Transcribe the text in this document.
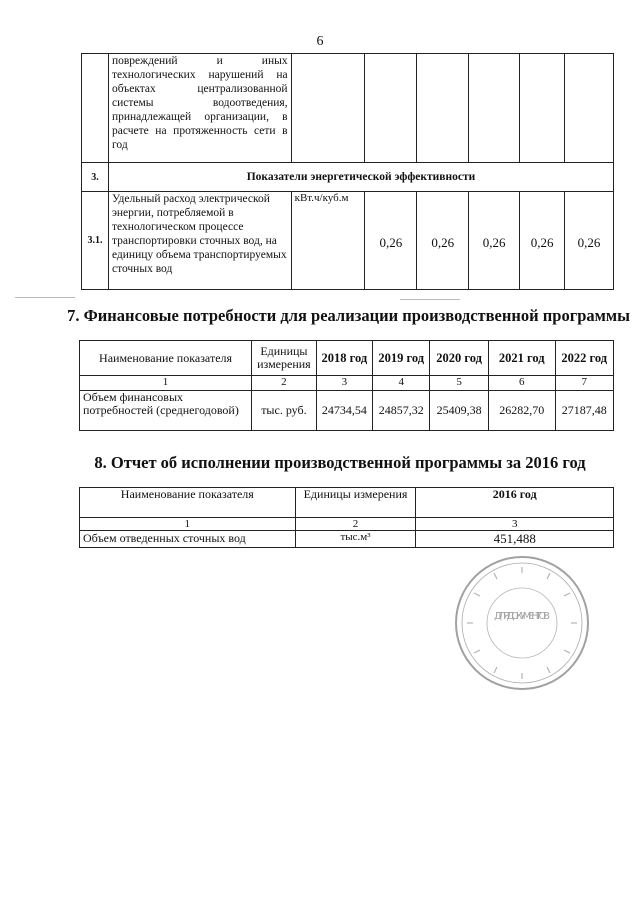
6
	повреждений и иных технологических нарушений на объектах централизованной системы водоотведения, принадлежащей организации, в расчете на протяженность сети в год						
3.	Показатели энергетической эффективности						
3.1.	Удельный расход электрической энергии, потребляемой в технологическом процессе транспортировки сточных вод, на единицу объема транспортируемых сточных вод	кВт.ч/куб.м	0,26	0,26	0,26	0,26	0,26
7. Финансовые потребности для реализации производственной программы
Наименование показателя	Единицы измерения	2018 год	2019 год	2020 год	2021 год	2022 год
1	2	3	4	5	6	7
Объем финансовых потребностей (среднегодовой)	тыс. руб.	24734,54	24857,32	25409,38	26282,70	27187,48
8. Отчет об исполнении производственной программы за 2016 год
Наименование показателя	Единицы измерения	2016 год
1	2	3
Объем отведенных сточных вод	тыс.м³	451,488
ДЛЯ ДОКУМЕНТОВ
